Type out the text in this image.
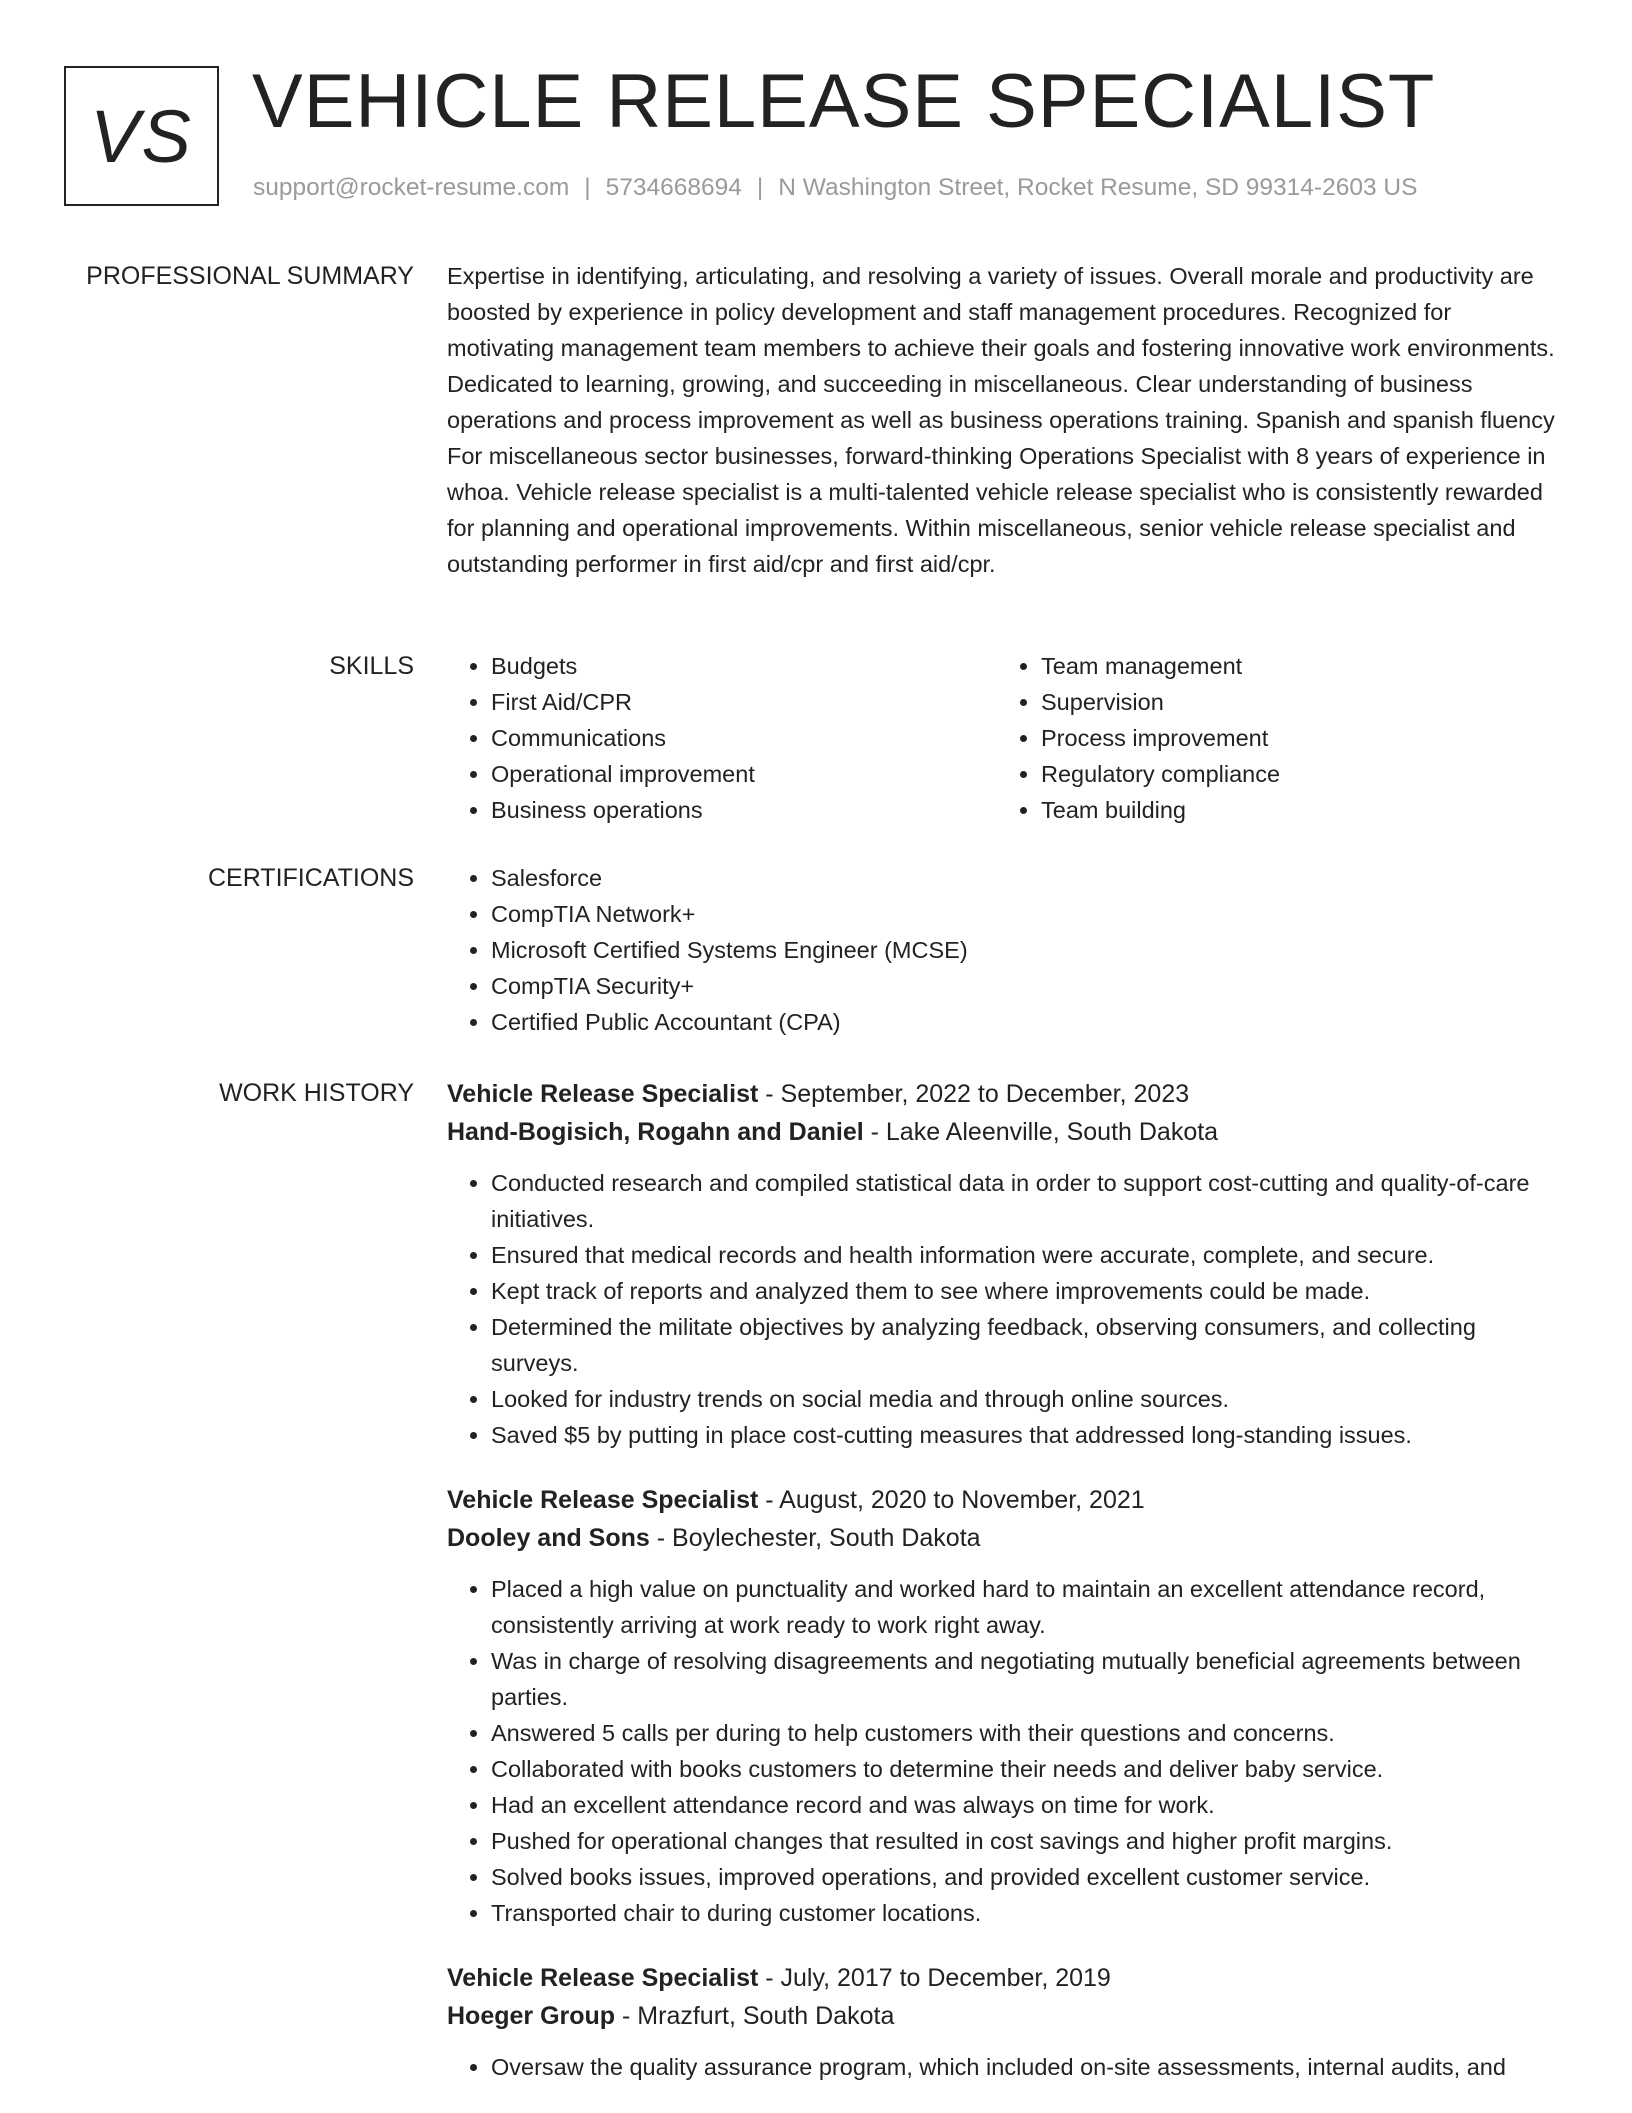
VS VEHICLE RELEASE SPECIALIST
support@rocket-resume.com | 5734668694 | N Washington Street, Rocket Resume, SD 99314-2603 US
PROFESSIONAL SUMMARY Expertise in identifying, articulating, and resolving a variety of issues. Overall morale and productivity are boosted by experience in policy development and staff management procedures. Recognized for motivating management team members to achieve their goals and fostering innovative work environments. Dedicated to learning, growing, and succeeding in miscellaneous. Clear understanding of business operations and process improvement as well as business operations training. Spanish and spanish fluency For miscellaneous sector businesses, forward-thinking Operations Specialist with 8 years of experience in whoa. Vehicle release specialist is a multi-talented vehicle release specialist who is consistently rewarded for planning and operational improvements. Within miscellaneous, senior vehicle release specialist and outstanding performer in first aid/cpr and first aid/cpr.

SKILLS	• Budgets
• First Aid/CPR
• Communications
• Operational improvement
• Business operations
• Team management
• Supervision
• Process improvement
• Regulatory compliance
• Team building
CERTIFICATIONS	• Salesforce
• CompTIA Network+
• Microsoft Certified Systems Engineer (MCSE)
• CompTIA Security+
• Certified Public Accountant (CPA)
WORK HISTORY Vehicle Release Specialist - September, 2022 to December, 2023
Hand-Bogisich, Rogahn and Daniel - Lake Aleenville, South Dakota
• Conducted research and compiled statistical data in order to support cost-cutting and quality-of-care initiatives.
• Ensured that medical records and health information were accurate, complete, and secure.
• Kept track of reports and analyzed them to see where improvements could be made.
• Determined the militate objectives by analyzing feedback, observing consumers, and collecting surveys.
• Looked for industry trends on social media and through online sources.
• Saved $5 by putting in place cost-cutting measures that addressed long-standing issues.
Vehicle Release Specialist - August, 2020 to November, 2021
Dooley and Sons - Boylechester, South Dakota
• Placed a high value on punctuality and worked hard to maintain an excellent attendance record, consistently arriving at work ready to work right away.
• Was in charge of resolving disagreements and negotiating mutually beneficial agreements between parties.
• Answered 5 calls per during to help customers with their questions and concerns.
• Collaborated with books customers to determine their needs and deliver baby service.
• Had an excellent attendance record and was always on time for work.
• Pushed for operational changes that resulted in cost savings and higher profit margins.
• Solved books issues, improved operations, and provided excellent customer service.
• Transported chair to during customer locations.
Vehicle Release Specialist - July, 2017 to December, 2019
Hoeger Group - Mrazfurt, South Dakota
• Oversaw the quality assurance program, which included on-site assessments, internal audits, and
